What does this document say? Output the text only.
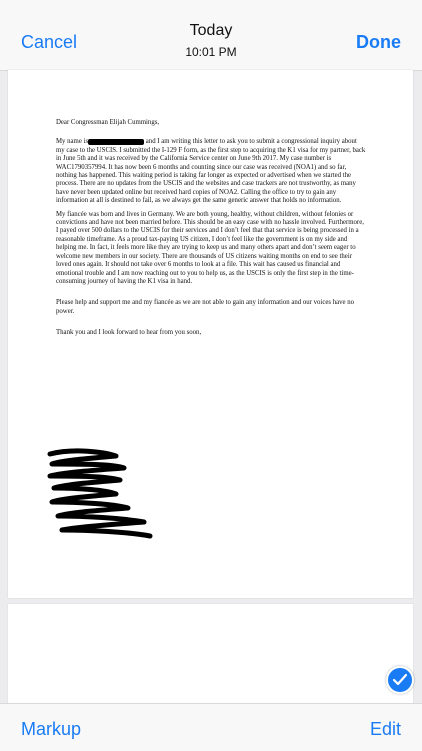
Cancel
Today
10:01 PM	Done

Dear Congressman Elijah Cummings,

My name is	and I am writing this letter to ask you to submit a congressional inquiry about my case to the USCIS. I submitted the I-129 F form, as the first step to acquiring the K1 visa for my partner, back in June 5th and it was received by the California Service center on June 9th 2017. My case number is WAC1790357994. It has now been 6 months and counting since our case was received (NOA1) and so far, nothing has happened. This waiting period is taking far longer as expected or advertised when we started the process. There are no updates from the USCIS and the websites and case trackers are not trustworthy, as many have never been updated online but received hard copies of NOA2. Calling the office to try to gain any information at all is destined to fail, as we always get the same generic answer that holds no information.

My fiancée was born and lives in Germany. We are both young, healthy, without children, without felonies or convictions and have not been married before. This should be an easy case with no hassle involved. Furthermore, I payed over 500 dollars to the USCIS for their services and I don’t feel that that service is being processed in a reasonable timeframe. As a proud tax-paying US citizen, I don’t feel like the government is on my side and helping me. In fact, it feels more like they are trying to keep us and many others apart and don’t seem eager to welcome new members in our society. There are thousands of US citizens waiting months on end to see their loved ones again. It should not take over 6 months to look at a file. This wait has caused us financial and emotional trouble and I am now reaching out to you to help us, as the USCIS is only the first step in the time-consuming journey of having the K1 visa in hand.

Please help and support me and my fiancée as we are not able to gain any information and our voices have no power.

Thank you and I look forward to hear from you soon,

Markup	Edit
